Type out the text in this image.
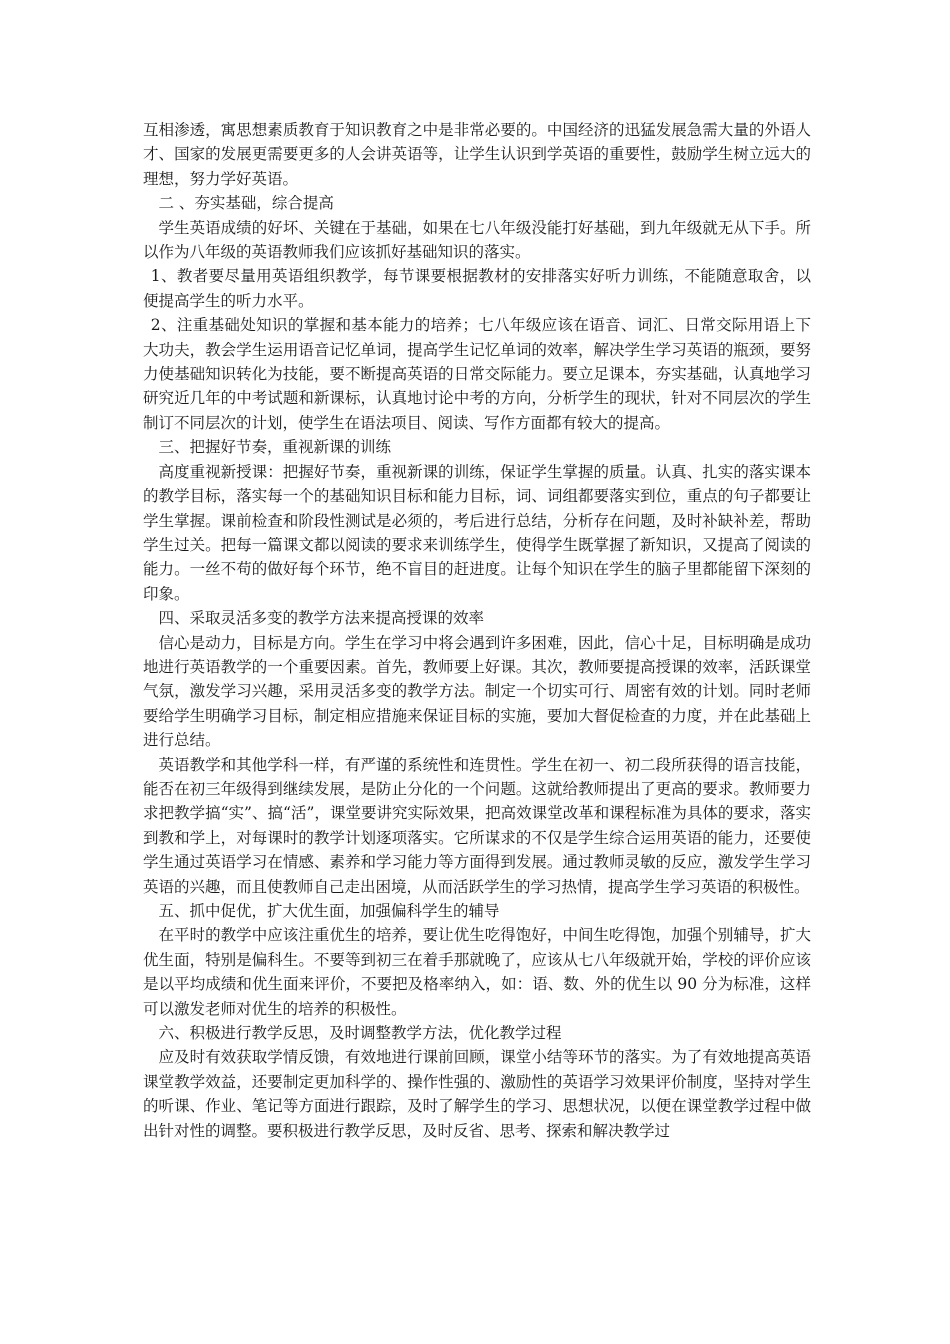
互相渗透，寓思想素质教育于知识教育之中是非常必要的。中国经济的迅猛发展急需大量的外语人才、国家的发展更需要更多的人会讲英语等，让学生认识到学英语的重要性，鼓励学生树立远大的理想，努力学好英语。

二 、夯实基础，综合提高

学生英语成绩的好坏、关键在于基础，如果在七八年级没能打好基础，到九年级就无从下手。所以作为八年级的英语教师我们应该抓好基础知识的落实。

1、教者要尽量用英语组织教学，每节课要根据教材的安排落实好听力训练，不能随意取舍，以便提高学生的听力水平。

2、注重基础处知识的掌握和基本能力的培养；七八年级应该在语音、词汇、日常交际用语上下大功夫，教会学生运用语音记忆单词，提高学生记忆单词的效率，解决学生学习英语的瓶颈，要努力使基础知识转化为技能，要不断提高英语的日常交际能力。要立足课本，夯实基础，认真地学习研究近几年的中考试题和新课标，认真地讨论中考的方向，分析学生的现状，针对不同层次的学生制订不同层次的计划，使学生在语法项目、阅读、写作方面都有较大的提高。

三、把握好节奏，重视新课的训练

高度重视新授课：把握好节奏，重视新课的训练，保证学生掌握的质量。认真、扎实的落实课本的教学目标，落实每一个的基础知识目标和能力目标，词、词组都要落实到位，重点的句子都要让学生掌握。课前检查和阶段性测试是必须的，考后进行总结，分析存在问题，及时补缺补差，帮助学生过关。把每一篇课文都以阅读的要求来训练学生，使得学生既掌握了新知识，又提高了阅读的能力。一丝不苟的做好每个环节，绝不盲目的赶进度。让每个知识在学生的脑子里都能留下深刻的印象。

四、采取灵活多变的教学方法来提高授课的效率

信心是动力，目标是方向。学生在学习中将会遇到许多困难，因此，信心十足，目标明确是成功地进行英语教学的一个重要因素。首先，教师要上好课。其次，教师要提高授课的效率，活跃课堂气氛，激发学习兴趣，采用灵活多变的教学方法。制定一个切实可行、周密有效的计划。同时老师要给学生明确学习目标，制定相应措施来保证目标的实施，要加大督促检查的力度，并在此基础上进行总结。

英语教学和其他学科一样，有严谨的系统性和连贯性。学生在初一、初二段所获得的语言技能，能否在初三年级得到继续发展，是防止分化的一个问题。这就给教师提出了更高的要求。教师要力求把教学搞“实”、搞“活”，课堂要讲究实际效果，把高效课堂改革和课程标准为具体的要求，落实到教和学上，对每课时的教学计划逐项落实。它所谋求的不仅是学生综合运用英语的能力，还要使学生通过英语学习在情感、素养和学习能力等方面得到发展。通过教师灵敏的反应，激发学生学习英语的兴趣，而且使教师自己走出困境，从而活跃学生的学习热情，提高学生学习英语的积极性。

五、抓中促优，扩大优生面，加强偏科学生的辅导

在平时的教学中应该注重优生的培养，要让优生吃得饱好，中间生吃得饱，加强个别辅导，扩大优生面，特别是偏科生。不要等到初三在着手那就晚了，应该从七八年级就开始，学校的评价应该是以平均成绩和优生面来评价，不要把及格率纳入，如：语、数、外的优生以 90 分为标准，这样可以激发老师对优生的培养的积极性。

六、积极进行教学反思，及时调整教学方法，优化教学过程

应及时有效获取学情反馈，有效地进行课前回顾，课堂小结等环节的落实。为了有效地提高英语课堂教学效益，还要制定更加科学的、操作性强的、激励性的英语学习效果评价制度，坚持对学生的听课、作业、笔记等方面进行跟踪，及时了解学生的学习、思想状况，以便在课堂教学过程中做出针对性的调整。要积极进行教学反思，及时反省、思考、探索和解决教学过
